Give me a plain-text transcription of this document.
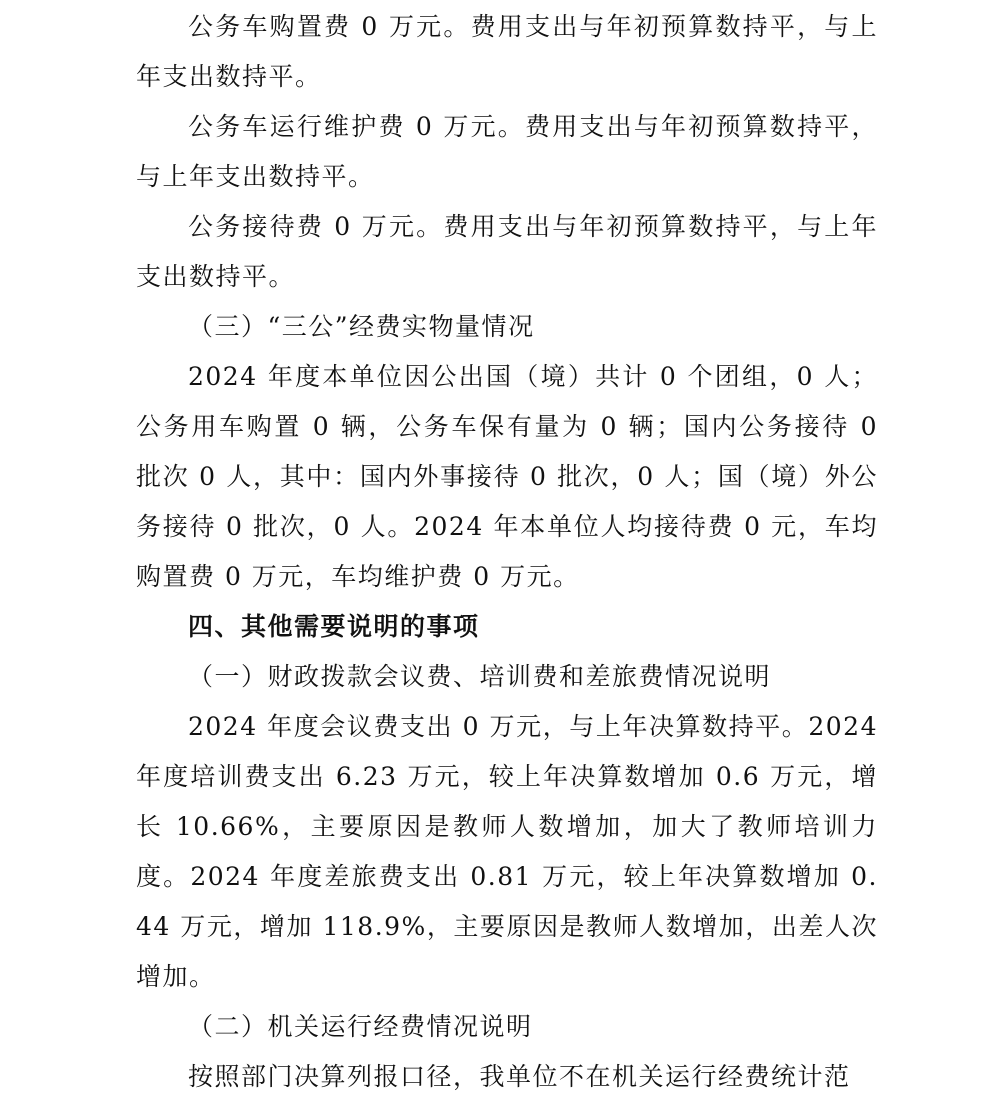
公务车购置费 0 万元。费用支出与年初预算数持平，与上年支出数持平。

公务车运行维护费 0 万元。费用支出与年初预算数持平，与上年支出数持平。

公务接待费 0 万元。费用支出与年初预算数持平，与上年支出数持平。

（三）“三公”经费实物量情况

2024 年度本单位因公出国（境）共计 0 个团组，0 人；公务用车购置 0 辆，公务车保有量为 0 辆；国内公务接待 0 批次 0 人，其中：国内外事接待 0 批次，0 人；国（境）外公务接待 0 批次，0 人。2024 年本单位人均接待费 0 元，车均购置费 0 万元，车均维护费 0 万元。

四、其他需要说明的事项

（一）财政拨款会议费、培训费和差旅费情况说明

2024 年度会议费支出 0 万元，与上年决算数持平。2024 年度培训费支出 6.23 万元，较上年决算数增加 0.6 万元，增长 10.66%，主要原因是教师人数增加，加大了教师培训力度。2024 年度差旅费支出 0.81 万元，较上年决算数增加 0.44 万元，增加 118.9%，主要原因是教师人数增加，出差人次增加。

（二）机关运行经费情况说明

按照部门决算列报口径，我单位不在机关运行经费统计范
